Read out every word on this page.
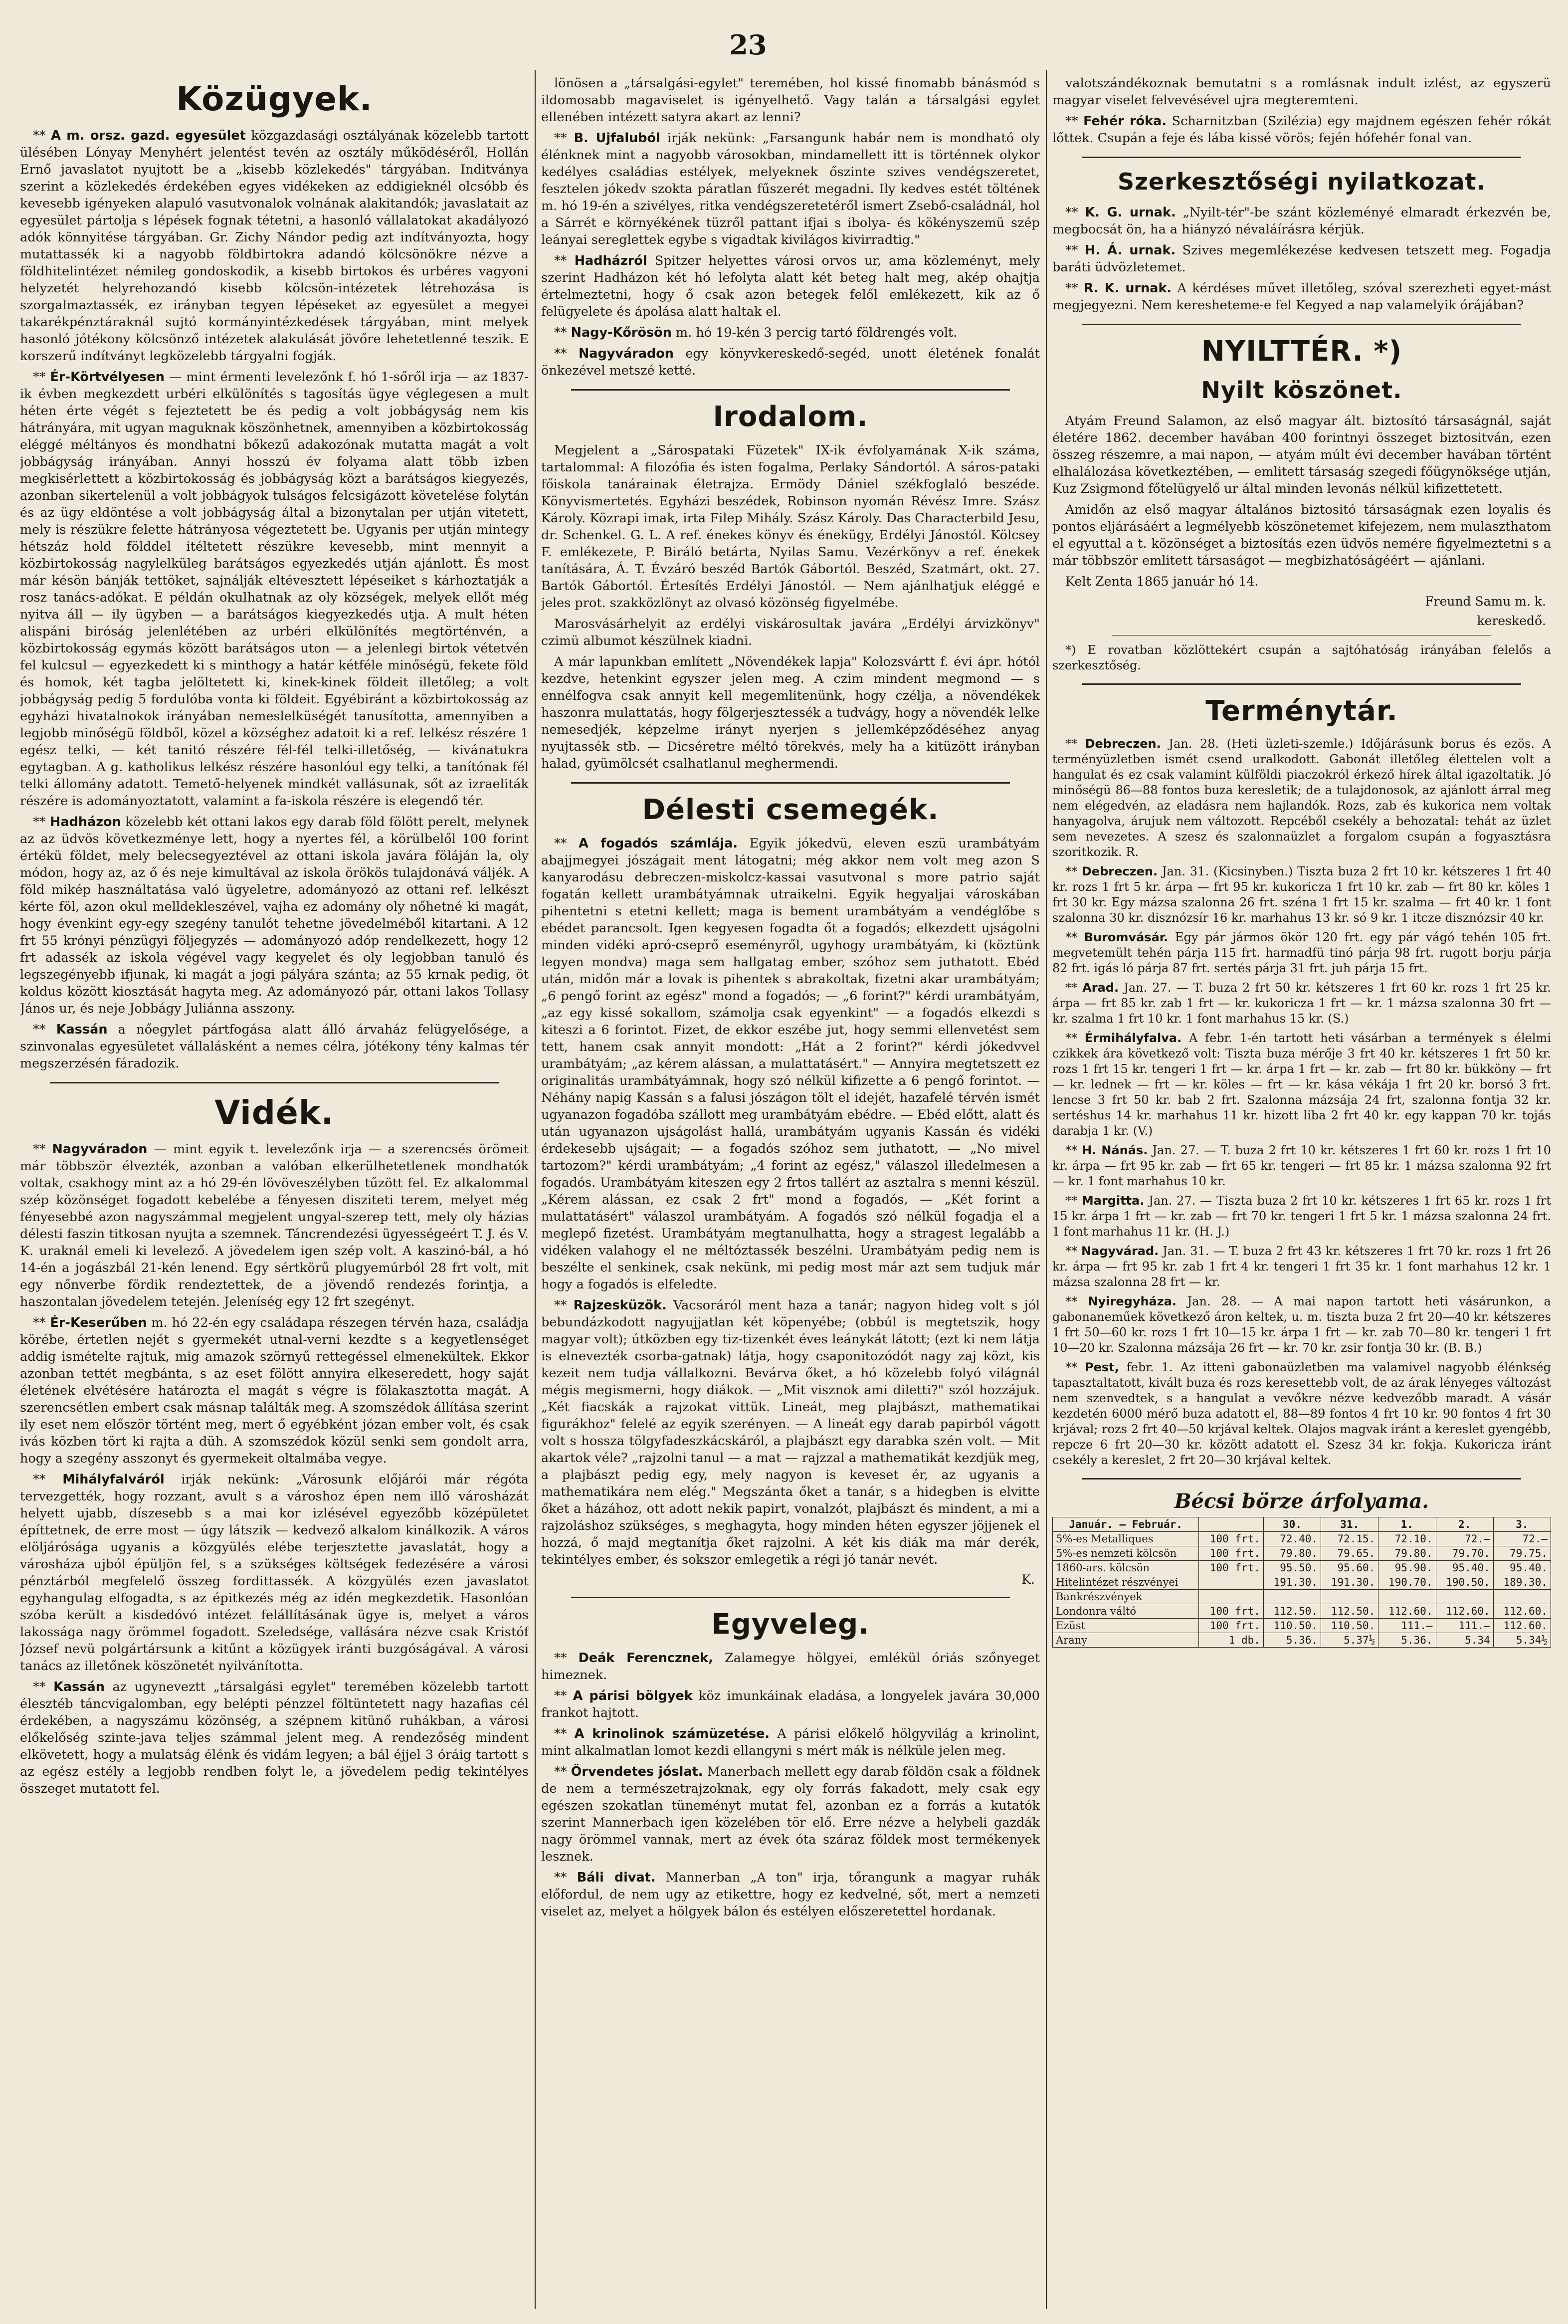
23
Közügyek.

** A m. orsz. gazd. egyesület közgazdasági osztályának közelebb tartott ülésében Lónyay Menyhért jelentést tevén az osztály működéséről, Hollán Ernő javaslatot nyujtott be a „kisebb közlekedés" tárgyában. Inditványa szerint a közlekedés érdekében egyes vidékeken az eddigieknél olcsóbb és kevesebb igényeken alapuló vasutvonalok volnának alakitandók; javaslatait az egyesület pártolja s lépések fognak tétetni, a hasonló vállalatokat akadályozó adók könnyitése tárgyában. Gr. Zichy Nándor pedig azt indítványozta, hogy mutattassék ki a nagyobb földbirtokra adandó kölcsönökre nézve a földhitelintézet némileg gondoskodik, a kisebb birtokos és urbéres vagyoni helyzetét helyrehozandó kisebb kölcsön-intézetek létrehozása is szorgalmaztassék, ez irányban tegyen lépéseket az egyesület a megyei takarékpénztáraknál sujtó kormányintézkedések tárgyában, mint melyek hasonló jótékony kölcsönző intézetek alakulását jövőre lehetetlenné teszik. E korszerű indítványt legközelebb tárgyalni fogják.

** Ér-Körtvélyesen — mint érmenti levelezőnk f. hó 1-sőről irja — az 1837-ik évben megkezdett urbéri elkülönítés s tagosítás ügye véglegesen a mult héten érte végét s fejeztetett be és pedig a volt jobbágyság nem kis hátrányára, mit ugyan maguknak köszönhetnek, amennyiben a közbirtokosság eléggé méltányos és mondhatni bőkezű adakozónak mutatta magát a volt jobbágyság irányában. Annyi hosszú év folyama alatt több izben megkisérlettett a közbirtokosság és jobbágyság közt a barátságos kiegyezés, azonban sikertelenül a volt jobbágyok tulságos felcsigázott követelése folytán és az ügy eldöntése a volt jobbágyság által a bizonytalan per utján vitetett, mely is részükre felette hátrányosa végeztetett be. Ugyanis per utján mintegy hétszáz hold földdel itéltetett részükre kevesebb, mint mennyit a közbirtokosság nagylelküleg barátságos egyezkedés utján ajánlott. És most már késön bánják tettöket, sajnálják eltévesztett lépéseiket s kárhoztatják a rosz tanács-adókat. E példán okulhatnak az oly községek, melyek ellőt még nyitva áll — ily ügyben — a barátságos kiegyezkedés utja. A mult héten alispáni biróság jelenlétében az urbéri elkülönítés megtörténvén, a közbirtokosság egymás között barátságos uton — a jelenlegi birtok vétetvén fel kulcsul — egyezkedett ki s minthogy a határ kétféle minőségü, fekete föld és homok, két tagba jelöltetett ki, kinek-kinek földeit illetőleg; a volt jobbágyság pedig 5 fordulóba vonta ki földeit. Egyébiránt a közbirtokosság az egyházi hivatalnokok irányában nemeslelküségét tanusította, amennyiben a legjobb minőségü földből, közel a községhez adatoit ki a ref. lelkész részére 1 egész telki, — két tanitó részére fél-fél telki-illetőség, — kivánatukra egytagban. A g. katholikus lelkész részére hasonlóul egy telki, a tanítónak fél telki állomány adatott. Temető-helyenek mindkét vallásunak, sőt az izraeliták részére is adományoztatott, valamint a fa-iskola részére is elegendő tér.

** Hadházon közelebb két ottani lakos egy darab föld fölött perelt, melynek az az üdvös következménye lett, hogy a nyertes fél, a körülbelől 100 forint értékü földet, mely belecsegyeztével az ottani iskola javára föláján la, oly módon, hogy az, az ő és neje kimultával az iskola örökös tulajdonává váljék. A föld mikép használtatása való ügyeletre, adományozó az ottani ref. lelkészt kérte föl, azon okul melldekleszével, vajha ez adomány oly nőhetné ki magát, hogy évenkint egy-egy szegény tanulót tehetne jövedelméből kitartani. A 12 frt 55 krónyi pénzügyi följegyzés — adományozó adóp rendelkezett, hogy 12 frt adassék az iskola végével vagy kegyelet és oly legjobban tanuló és legszegényebb ifjunak, ki magát a jogi pályára szánta; az 55 krnak pedig, öt koldus között kiosztását hagyta meg. Az adományozó pár, ottani lakos Tollasy János ur, és neje Jobbágy Juliánna asszony.

** Kassán a nőegylet pártfogása alatt álló árvaház felügyelősége, a szinvonalas egyesületet vállalásként a nemes célra, jótékony tény kalmas tér megszerzésén fáradozik.

Vidék.

** Nagyváradon — mint egyik t. levelezőnk irja — a szerencsés örömeit már többször élvezték, azonban a valóban elkerülhetetlenek mondhatók voltak, csakhogy mint az a hó 29-én lövöveszélyben tűzött fel. Ez alkalommal szép közönséget fogadott kebelébe a fényesen disziteti terem, melyet még fényesebbé azon nagyszámmal megjelent ungyal-szerep tett, mely oly házias délesti faszin titkosan nyujta a szemnek. Táncrendezési ügyességeért T. J. és V. K. uraknál emeli ki levelező. A jövedelem igen szép volt. A kaszinó-bál, a hó 14-én a jogászbál 21-kén lenend. Egy sértkörű plugyemúrból 28 frt volt, mit egy nőnverbe fördik rendeztettek, de a jövendő rendezés forintja, a haszontalan jövedelem tetején. Jeleníség egy 12 frt szegényt.

** Ér-Keserűben m. hó 22-én egy családapa részegen térvén haza, családja körébe, értetlen nejét s gyermekét utnal-verni kezdte s a kegyetlenséget addig ismételte rajtuk, mig amazok szörnyű rettegéssel elmenekültek. Ekkor azonban tettét megbánta, s az eset fölött annyira elkeseredett, hogy saját életének elvétésére határozta el magát s végre is fölakasztotta magát. A szerencsétlen embert csak másnap találták meg. A szomszédok állítása szerint ily eset nem először történt meg, mert ő egyébként józan ember volt, és csak ivás közben tört ki rajta a düh. A szomszédok közül senki sem gondolt arra, hogy a szegény asszonyt és gyermekeit oltalmába vegye.

** Mihályfalváról irják nekünk: „Városunk előjárói már régóta tervezgették, hogy rozzant, avult s a városhoz épen nem illő városházát helyett ujabb, díszesebb s a mai kor izlésével egyezőbb középületet építtetnek, de erre most — úgy látszik — kedvező alkalom kinálkozik. A város elöljárósága ugyanis a közgyülés elébe terjesztette javaslatát, hogy a városháza ujból épüljön fel, s a szükséges költségek fedezésére a városi pénztárból megfelelő összeg fordittassék. A közgyülés ezen javaslatot egyhangulag elfogadta, s az épitkezés még az idén megkezdetik. Hasonlóan szóba került a kisdedóvó intézet felállításának ügye is, melyet a város lakossága nagy örömmel fogadott. Szeledsége, vallására nézve csak Kristóf József nevü polgártársunk a kitűnt a közügyek iránti buzgóságával. A városi tanács az illetőnek köszönetét nyilvánította.

** Kassán az ugyneveztt „társalgási egylet" teremében közelebb tartott élesztéb táncvigalomban, egy belépti pénzzel föltüntetett nagy hazafias cél érdekében, a nagyszámu közönség, a szépnem kitünő ruhákban, a városi előkelőség szinte-java teljes számmal jelent meg. A rendezőség mindent elkövetett, hogy a mulatság élénk és vidám legyen; a bál éjjel 3 óráig tartott s az egész estély a legjobb rendben folyt le, a jövedelem pedig tekintélyes összeget mutatott fel.

lönösen a „társalgási-egylet" teremében, hol kissé finomabb bánásmód s ildomosabb magaviselet is igényelhető. Vagy talán a társalgási egylet ellenében intézett satyra akart az lenni?

** B. Ujfaluból irják nekünk: „Farsangunk habár nem is mondható oly élénknek mint a nagyobb városokban, mindamellett itt is történnek olykor kedélyes családias estélyek, melyeknek őszinte szives vendégszeretet, fesztelen jókedv szokta páratlan fűszerét megadni. Ily kedves estét töltének m. hó 19-én a szivélyes, ritka vendégszeretetéről ismert Zsebő-családnál, hol a Sárrét e környékének tüzről pattant ifjai s ibolya- és kökényszemü szép leányai sereglettek egybe s vigadtak kivilágos kivirradtig."

** Hadházról Spitzer helyettes városi orvos ur, ama közleményt, mely szerint Hadházon két hó lefolyta alatt két beteg halt meg, akép ohajtja értelmeztetni, hogy ő csak azon betegek felől emlékezett, kik az ő felügyelete és ápolása alatt haltak el.

** Nagy-Kőrösön m. hó 19-kén 3 percig tartó földrengés volt.

** Nagyváradon egy könyvkereskedő-segéd, unott életének fonalát önkezével metszé ketté.

Irodalom.

Megjelent a „Sárospataki Füzetek" IX-ik évfolyamának X-ik száma, tartalommal: A filozófia és isten fogalma, Perlaky Sándortól. A sáros-pataki főiskola tanárainak életrajza. Ermödy Dániel székfoglaló beszéde. Könyvismertetés. Egyházi beszédek, Robinson nyomán Révész Imre. Szász Károly. Közrapi imak, irta Filep Mihály. Szász Károly. Das Characterbild Jesu, dr. Schenkel. G. L. A ref. énekes könyv és énekügy, Erdélyi Jánostól. Kölcsey F. emlékezete, P. Biráló betárta, Nyilas Samu. Vezérkönyv a ref. énekek tanítására, Á. T. Évzáró beszéd Bartók Gábortól. Beszéd, Szatmárt, okt. 27. Bartók Gábortól. Értesítés Erdélyi Jánostól. — Nem ajánlhatjuk eléggé e jeles prot. szakközlönyt az olvasó közönség figyelmébe.

Marosvásárhelyit az erdélyi viskárosultak javára „Erdélyi árvizkönyv" czimü albumot készülnek kiadni.

A már lapunkban említett „Növendékek lapja" Kolozsvártt f. évi ápr. hótól kezdve, hetenkint egyszer jelen meg. A czim mindent megmond — s ennélfogva csak annyit kell megemlitenünk, hogy czélja, a növendékek haszonra mulattatás, hogy fölgerjesztessék a tudvágy, hogy a növendék lelke nemesedjék, képzelme irányt nyerjen s jellemképződéséhez anyag nyujtassék stb. — Dicséretre méltó törekvés, mely ha a kitüzött irányban halad, gyümölcsét csalhatlanul meghermendi.

Délesti csemegék.

** A fogadós számlája. Egyik jókedvü, eleven eszü urambátyám abajjmegyei jószágait ment látogatni; még akkor nem volt meg azon S kanyarodásu debreczen-miskolcz-kassai vasutvonal s more patrio saját fogatán kellett urambátyámnak utraikelni. Egyik hegyaljai városkában pihentetni s etetni kellett; maga is bement urambátyám a vendéglőbe s ebédet parancsolt. Igen kegyesen fogadta őt a fogadós; elkezdett ujságolni minden vidéki apró-cseprő eseményről, ugyhogy urambátyám, ki (köztünk legyen mondva) maga sem hallgatag ember, szóhoz sem juthatott. Ebéd után, midőn már a lovak is pihentek s abrakoltak, fizetni akar urambátyám; „6 pengő forint az egész" mond a fogadós; — „6 forint?" kérdi urambátyám, „az egy kissé sokallom, számolja csak egyenkint" — a fogadós elkezdi s kiteszi a 6 forintot. Fizet, de ekkor eszébe jut, hogy semmi ellenvetést sem tett, hanem csak annyit mondott: „Hát a 2 forint?" kérdi jókedvvel urambátyám; „az kérem alássan, a mulattatásért." — Annyira megtetszett ez originalitás urambátyámnak, hogy szó nélkül kifizette a 6 pengő forintot. — Néhány napig Kassán s a falusi jószágon tölt el idejét, hazafelé térvén ismét ugyanazon fogadóba szállott meg urambátyám ebédre. — Ebéd előtt, alatt és után ugyanazon ujságolást hallá, urambátyám ugyanis Kassán és vidéki érdekesebb ujságait; — a fogadós szóhoz sem juthatott, — „No mivel tartozom?" kérdi urambátyám; „4 forint az egész," válaszol illedelmesen a fogadós. Urambátyám kiteszen egy 2 frtos tallért az asztalra s menni készül. „Kérem alássan, ez csak 2 frt" mond a fogadós, — „Két forint a mulattatásért" válaszol urambátyám. A fogadós szó nélkül fogadja el a meglepő fizetést. Urambátyám megtanulhatta, hogy a stragest legalább a vidéken valahogy el ne méltóztassék beszélni. Urambátyám pedig nem is beszélte el senkinek, csak nekünk, mi pedig most már azt sem tudjuk már hogy a fogadós is elfeledte.

** Rajzesküzök. Vacsoráról ment haza a tanár; nagyon hideg volt s jól bebundázkodott nagyujjatlan két köpenyébe; (obbúl is megtetszik, hogy magyar volt); útközben egy tiz-tizenkét éves leánykát látott; (ezt ki nem látja is elnevezték csorba-gatnak) látja, hogy csaponitozódót nagy zaj közt, kis kezeit nem tudja vállalkozni. Bevárva őket, a hó közelebb folyó világnál mégis megismerni, hogy diákok. — „Mit visznok ami diletti?" szól hozzájuk. „Két fiacskák a rajzokat vittük. Lineát, meg plajbászt, mathematikai figurákhoz" felelé az egyik szerényen. — A lineát egy darab papirból vágott volt s hossza tölgyfadeszkácskáról, a plajbászt egy darabka szén volt. — Mit akartok véle? „rajzolni tanul — a mat — rajzzal a mathematikát kezdjük meg, a plajbászt pedig egy, mely nagyon is keveset ér, az ugyanis a mathematikára nem elég." Megszánta őket a tanár, s a hidegben is elvitte őket a házához, ott adott nekik papirt, vonalzót, plajbászt és mindent, a mi a rajzoláshoz szükséges, s meghagyta, hogy minden héten egyszer jöjjenek el hozzá, ő majd megtanítja őket rajzolni. A két kis diák ma már derék, tekintélyes ember, és sokszor emlegetik a régi jó tanár nevét.

K.
Egyveleg.

** Deák Ferencznek, Zalamegye hölgyei, emlékül óriás szőnyeget himeznek.

** A párisi bölgyek köz imunkáinak eladása, a longyelek javára 30,000 frankot hajtott.

** A krinolinok számüzetése. A párisi előkelő hölgyvilág a krinolint, mint alkalmatlan lomot kezdi ellangyni s mért mák is nélküle jelen meg.

** Örvendetes jóslat. Manerbach mellett egy darab földön csak a földnek de nem a természetrajzoknak, egy oly forrás fakadott, mely csak egy egészen szokatlan tüneményt mutat fel, azonban ez a forrás a kutatók szerint Mannerbach igen közelében tör elő. Erre nézve a helybeli gazdák nagy örömmel vannak, mert az évek óta száraz földek most termékenyek lesznek.

** Báli divat. Mannerban „A ton" irja, tőrangunk a magyar ruhák előfordul, de nem ugy az etikettre, hogy ez kedvelné, sőt, mert a nemzeti viselet az, melyet a hölgyek bálon és estélyen előszeretettel hordanak.

valotszándékoznak bemutatni s a romlásnak indult izlést, az egyszerü magyar viselet felvevésével ujra megteremteni.

** Fehér róka. Scharnitzban (Szilézia) egy majdnem egészen fehér rókát lőttek. Csupán a feje és lába kissé vörös; fején hófehér fonal van.

Szerkesztőségi nyilatkozat.

** K. G. urnak. „Nyilt-tér"-be szánt közleményé elmaradt érkezvén be, megbocsát ön, ha a hiányzó névaláírásra kérjük.

** H. Á. urnak. Szives megemlékezése kedvesen tetszett meg. Fogadja baráti üdvözletemet.

** R. K. urnak. A kérdéses művet illetőleg, szóval szerezheti egyet-mást megjegyezni. Nem keresheteme-e fel Kegyed a nap valamelyik órájában?

NYILTTÉR. *)
Nyilt köszönet.

Atyám Freund Salamon, az első magyar ált. biztosító társaságnál, saját életére 1862. december havában 400 forintnyi összeget biztositván, ezen összeg részemre, a mai napon, — atyám múlt évi december havában történt elhalálozása következtében, — emlitett társaság szegedi főügynöksége utján, Kuz Zsigmond főtelügyelő ur által minden levonás nélkül kifizettetett.

Amidőn az első magyar általános biztositó társaságnak ezen loyalis és pontos eljárásáért a legmélyebb köszönetemet kifejezem, nem mulaszthatom el egyuttal a t. közönséget a biztosítás ezen üdvös nemére figyelmeztetni s a már többször emlitett társaságot — megbizhatóságéért — ajánlani.

Kelt Zenta 1865 január hó 14.

Freund Samu m. k.
kereskedő.

*) E rovatban közlöttekért csupán a sajtóhatóság irányában felelős a szerkesztőség.

Terménytár.

** Debreczen. Jan. 28. (Heti üzleti-szemle.) Időjárásunk borus és ezös. A terményüzletben ismét csend uralkodott. Gabonát illetőleg élettelen volt a hangulat és ez csak valamint külföldi piaczokról érkező hírek által igazoltatik. Jó minőségü 86—88 fontos buza keresletik; de a tulajdonosok, az ajánlott árral meg nem elégedvén, az eladásra nem hajlandók. Rozs, zab és kukorica nem voltak hanyagolva, árujuk nem változott. Repcéből csekély a behozatal: tehát az üzlet sem nevezetes. A szesz és szalonnaüzlet a forgalom csupán a fogyasztásra szoritkozik. R.

** Debreczen. Jan. 31. (Kicsinyben.) Tiszta buza 2 frt 10 kr. kétszeres 1 frt 40 kr. rozs 1 frt 5 kr. árpa — frt 95 kr. kukoricza 1 frt 10 kr. zab — frt 80 kr. köles 1 frt 30 kr. Egy mázsa szalonna 26 frt. széna 1 frt 15 kr. szalma — frt 40 kr. 1 font szalonna 30 kr. disznózsír 16 kr. marhahus 13 kr. só 9 kr. 1 itcze disznózsir 40 kr.

** Buromvásár. Egy pár jármos ökör 120 frt. egy pár vágó tehén 105 frt. megvetemült tehén párja 115 frt. harmadfü tinó párja 98 frt. rugott borju párja 82 frt. igás ló párja 87 frt. sertés párja 31 frt. juh párja 15 frt.

** Arad. Jan. 27. — T. buza 2 frt 50 kr. kétszeres 1 frt 60 kr. rozs 1 frt 25 kr. árpa — frt 85 kr. zab 1 frt — kr. kukoricza 1 frt — kr. 1 mázsa szalonna 30 frt — kr. szalma 1 frt 10 kr. 1 font marhahus 15 kr. (S.)

** Érmihályfalva. A febr. 1-én tartott heti vásárban a termények s élelmi czikkek ára következő volt: Tiszta buza mérője 3 frt 40 kr. kétszeres 1 frt 50 kr. rozs 1 frt 15 kr. tengeri 1 frt — kr. árpa 1 frt — kr. zab — frt 80 kr. bükköny — frt — kr. lednek — frt — kr. köles — frt — kr. kása vékája 1 frt 20 kr. borsó 3 frt. lencse 3 frt 50 kr. bab 2 frt. Szalonna mázsája 24 frt, szalonna fontja 32 kr. sertéshus 14 kr. marhahus 11 kr. hizott liba 2 frt 40 kr. egy kappan 70 kr. tojás darabja 1 kr. (V.)

** H. Nánás. Jan. 27. — T. buza 2 frt 10 kr. kétszeres 1 frt 60 kr. rozs 1 frt 10 kr. árpa — frt 95 kr. zab — frt 65 kr. tengeri — frt 85 kr. 1 mázsa szalonna 92 frt — kr. 1 font marhahus 10 kr.

** Margitta. Jan. 27. — Tiszta buza 2 frt 10 kr. kétszeres 1 frt 65 kr. rozs 1 frt 15 kr. árpa 1 frt — kr. zab — frt 70 kr. tengeri 1 frt 5 kr. 1 mázsa szalonna 24 frt. 1 font marhahus 11 kr. (H. J.)

** Nagyvárad. Jan. 31. — T. buza 2 frt 43 kr. kétszeres 1 frt 70 kr. rozs 1 frt 26 kr. árpa — frt 95 kr. zab 1 frt 4 kr. tengeri 1 frt 35 kr. 1 font marhahus 12 kr. 1 mázsa szalonna 28 frt — kr.

** Nyiregyháza. Jan. 28. — A mai napon tartott heti vásárunkon, a gabonaneműek következő áron keltek, u. m. tiszta buza 2 frt 20—40 kr. kétszeres 1 frt 50—60 kr. rozs 1 frt 10—15 kr. árpa 1 frt — kr. zab 70—80 kr. tengeri 1 frt 10—20 kr. Szalonna mázsája 26 frt — kr. 70 kr. zsir fontja 30 kr. (B. B.)

** Pest, febr. 1. Az itteni gabonaüzletben ma valamivel nagyobb élénkség tapasztaltatott, kivált buza és rozs keresettebb volt, de az árak lényeges változást nem szenvedtek, s a hangulat a vevőkre nézve kedvezőbb maradt. A vásár kezdetén 6000 mérő buza adatott el, 88—89 fontos 4 frt 10 kr. 90 fontos 4 frt 30 krjával; rozs 2 frt 40—50 krjával keltek. Olajos magvak iránt a kereslet gyengébb, repcze 6 frt 20—30 kr. között adatott el. Szesz 34 kr. fokja. Kukoricza iránt csekély a kereslet, 2 frt 20—30 krjával keltek.

Bécsi börze árfolyama.
Január. — Február.		30.	31.	1.	2.	3.
5%-es Metalliques	100 frt.	72.40.	72.15.	72.10.	72.—	72.—
5%-es nemzeti kölcsön	100 frt.	79.80.	79.65.	79.80.	79.70.	79.75.
1860-ars. kölcsön	100 frt.	95.50.	95.60.	95.90.	95.40.	95.40.
Hitelintézet részvényei		191.30.	191.30.	190.70.	190.50.	189.30.
Bankrészvények						
Londonra váltó	100 frt.	112.50.	112.50.	112.60.	112.60.	112.60.
Ezüst	100 frt.	110.50.	110.50.	111.—	111.—	112.60.
Arany	1 db.	5.36.	5.37½	5.36.	5.34	5.34½
